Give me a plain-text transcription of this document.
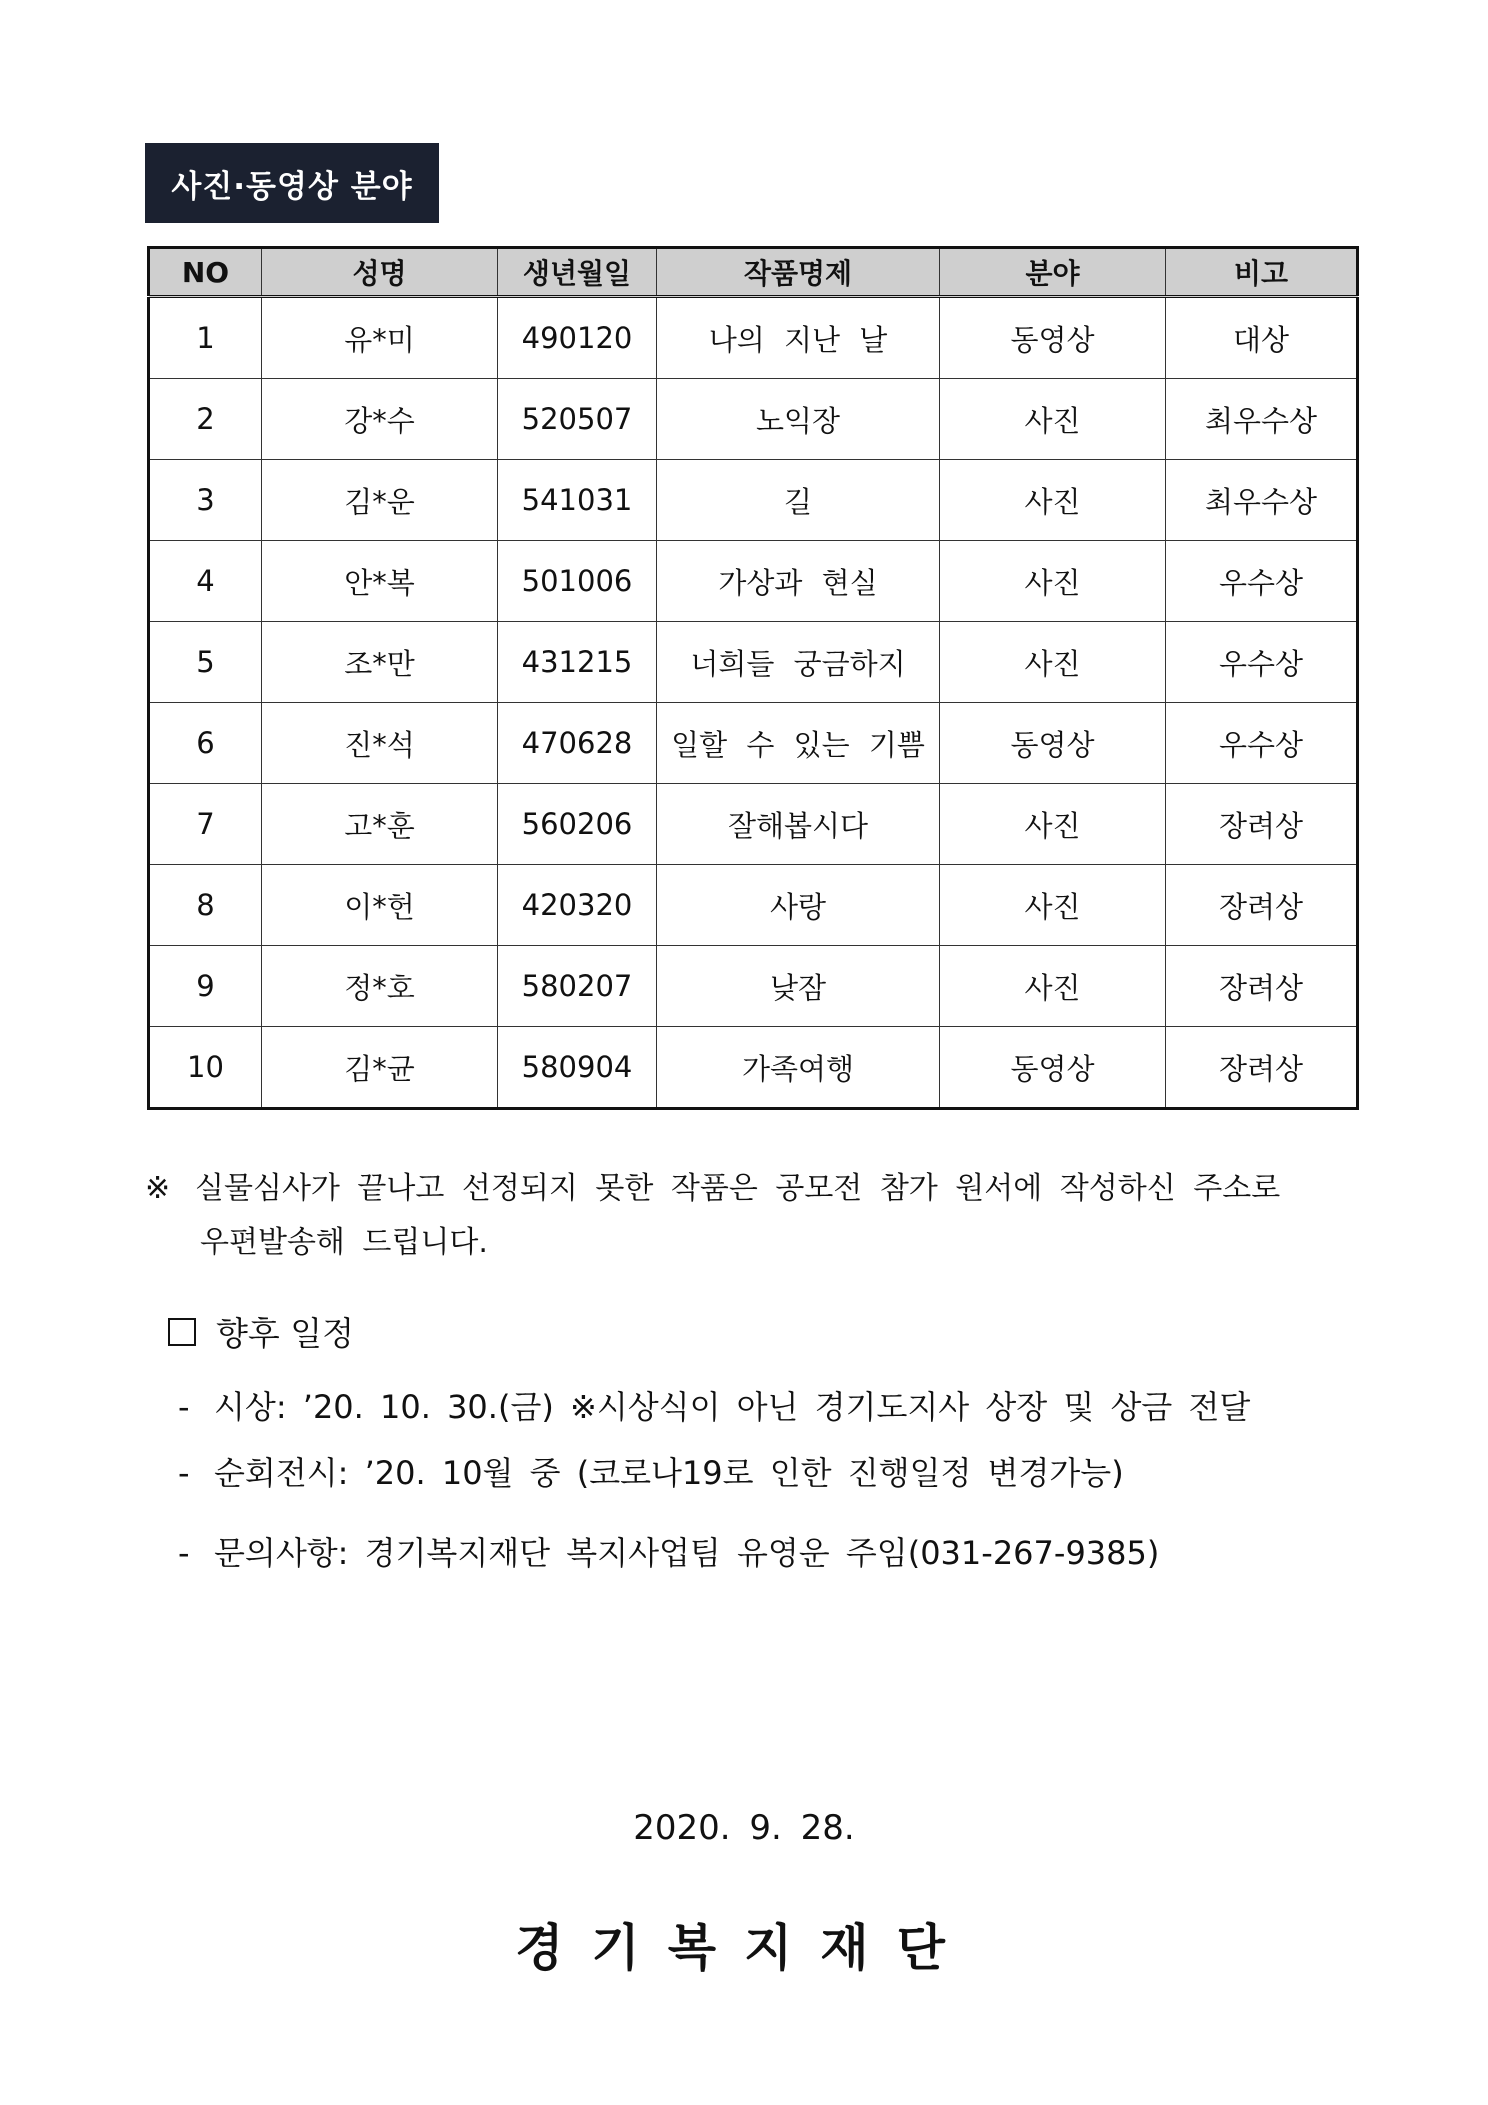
사진·동영상 분야
NO	성명	생년월일	작품명제	분야	비고
1	유*미	490120	나의 지난 날	동영상	대상
2	강*수	520507	노익장	사진	최우수상
3	김*운	541031	길	사진	최우수상
4	안*복	501006	가상과 현실	사진	우수상
5	조*만	431215	너희들 궁금하지	사진	우수상
6	진*석	470628	일할 수 있는 기쁨	동영상	우수상
7	고*훈	560206	잘해봅시다	사진	장려상
8	이*헌	420320	사랑	사진	장려상
9	정*호	580207	낮잠	사진	장려상
10	김*균	580904	가족여행	동영상	장려상
※ 실물심사가 끝나고 선정되지 못한 작품은 공모전 참가 원서에 작성하신 주소로
우편발송해 드립니다.
향후 일정
- 시상: ’20. 10. 30.(금) ※시상식이 아닌 경기도지사 상장 및 상금 전달
- 순회전시: ’20. 10월 중 (코로나19로 인한 진행일정 변경가능)
- 문의사항: 경기복지재단 복지사업팀 유영운 주임(031-267-9385)
2020. 9. 28.
경기복지재단
